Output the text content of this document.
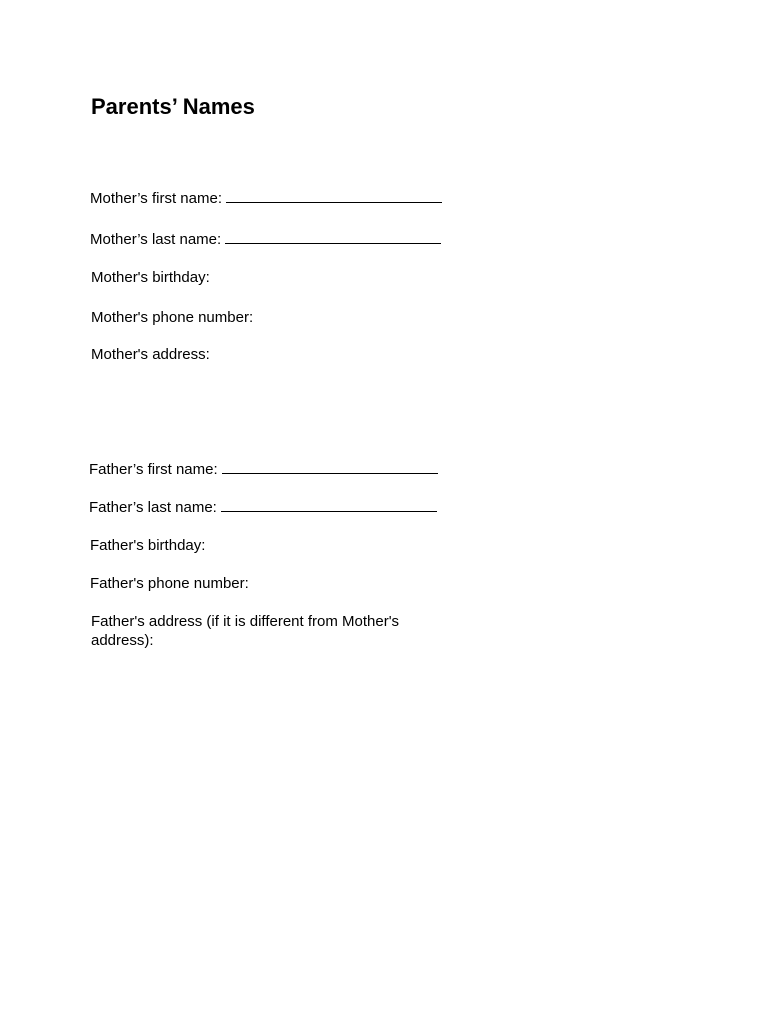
Parents’ Names
Mother’s first name:
Mother’s last name:
Mother's birthday:
Mother's phone number:
Mother's address:
Father’s first name:
Father’s last name:
Father's birthday:
Father's phone number:
Father's address (if it is different from Mother's address):
